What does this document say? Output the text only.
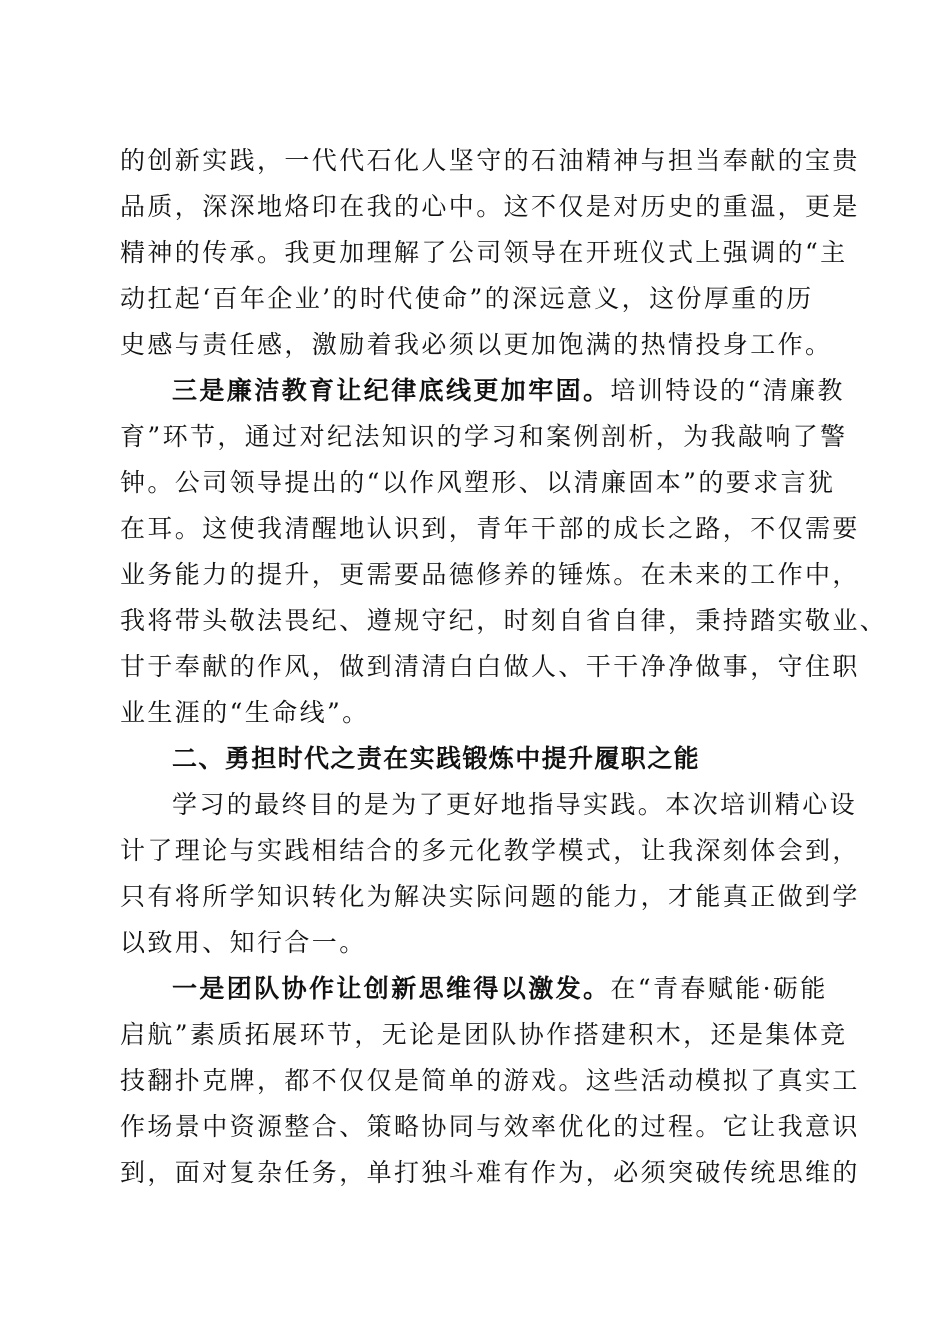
的创新实践，一代代石化人坚守的石油精神与担当奉献的宝贵
品质，深深地烙印在我的心中。这不仅是对历史的重温，更是
精神的传承。我更加理解了公司领导在开班仪式上强调的“主
动扛起‘百年企业’的时代使命”的深远意义，这份厚重的历
史感与责任感，激励着我必须以更加饱满的热情投身工作。
三是廉洁教育让纪律底线更加牢固。培训特设的“清廉教
育”环节，通过对纪法知识的学习和案例剖析，为我敲响了警
钟。公司领导提出的“以作风塑形、以清廉固本”的要求言犹
在耳。这使我清醒地认识到，青年干部的成长之路，不仅需要
业务能力的提升，更需要品德修养的锤炼。在未来的工作中，
我将带头敬法畏纪、遵规守纪，时刻自省自律，秉持踏实敬业、
甘于奉献的作风，做到清清白白做人、干干净净做事，守住职
业生涯的“生命线”。
二、勇担时代之责在实践锻炼中提升履职之能
学习的最终目的是为了更好地指导实践。本次培训精心设
计了理论与实践相结合的多元化教学模式，让我深刻体会到，
只有将所学知识转化为解决实际问题的能力，才能真正做到学
以致用、知行合一。
一是团队协作让创新思维得以激发。在“青春赋能·砺能
启航”素质拓展环节，无论是团队协作搭建积木，还是集体竞
技翻扑克牌，都不仅仅是简单的游戏。这些活动模拟了真实工
作场景中资源整合、策略协同与效率优化的过程。它让我意识
到，面对复杂任务，单打独斗难有作为，必须突破传统思维的
